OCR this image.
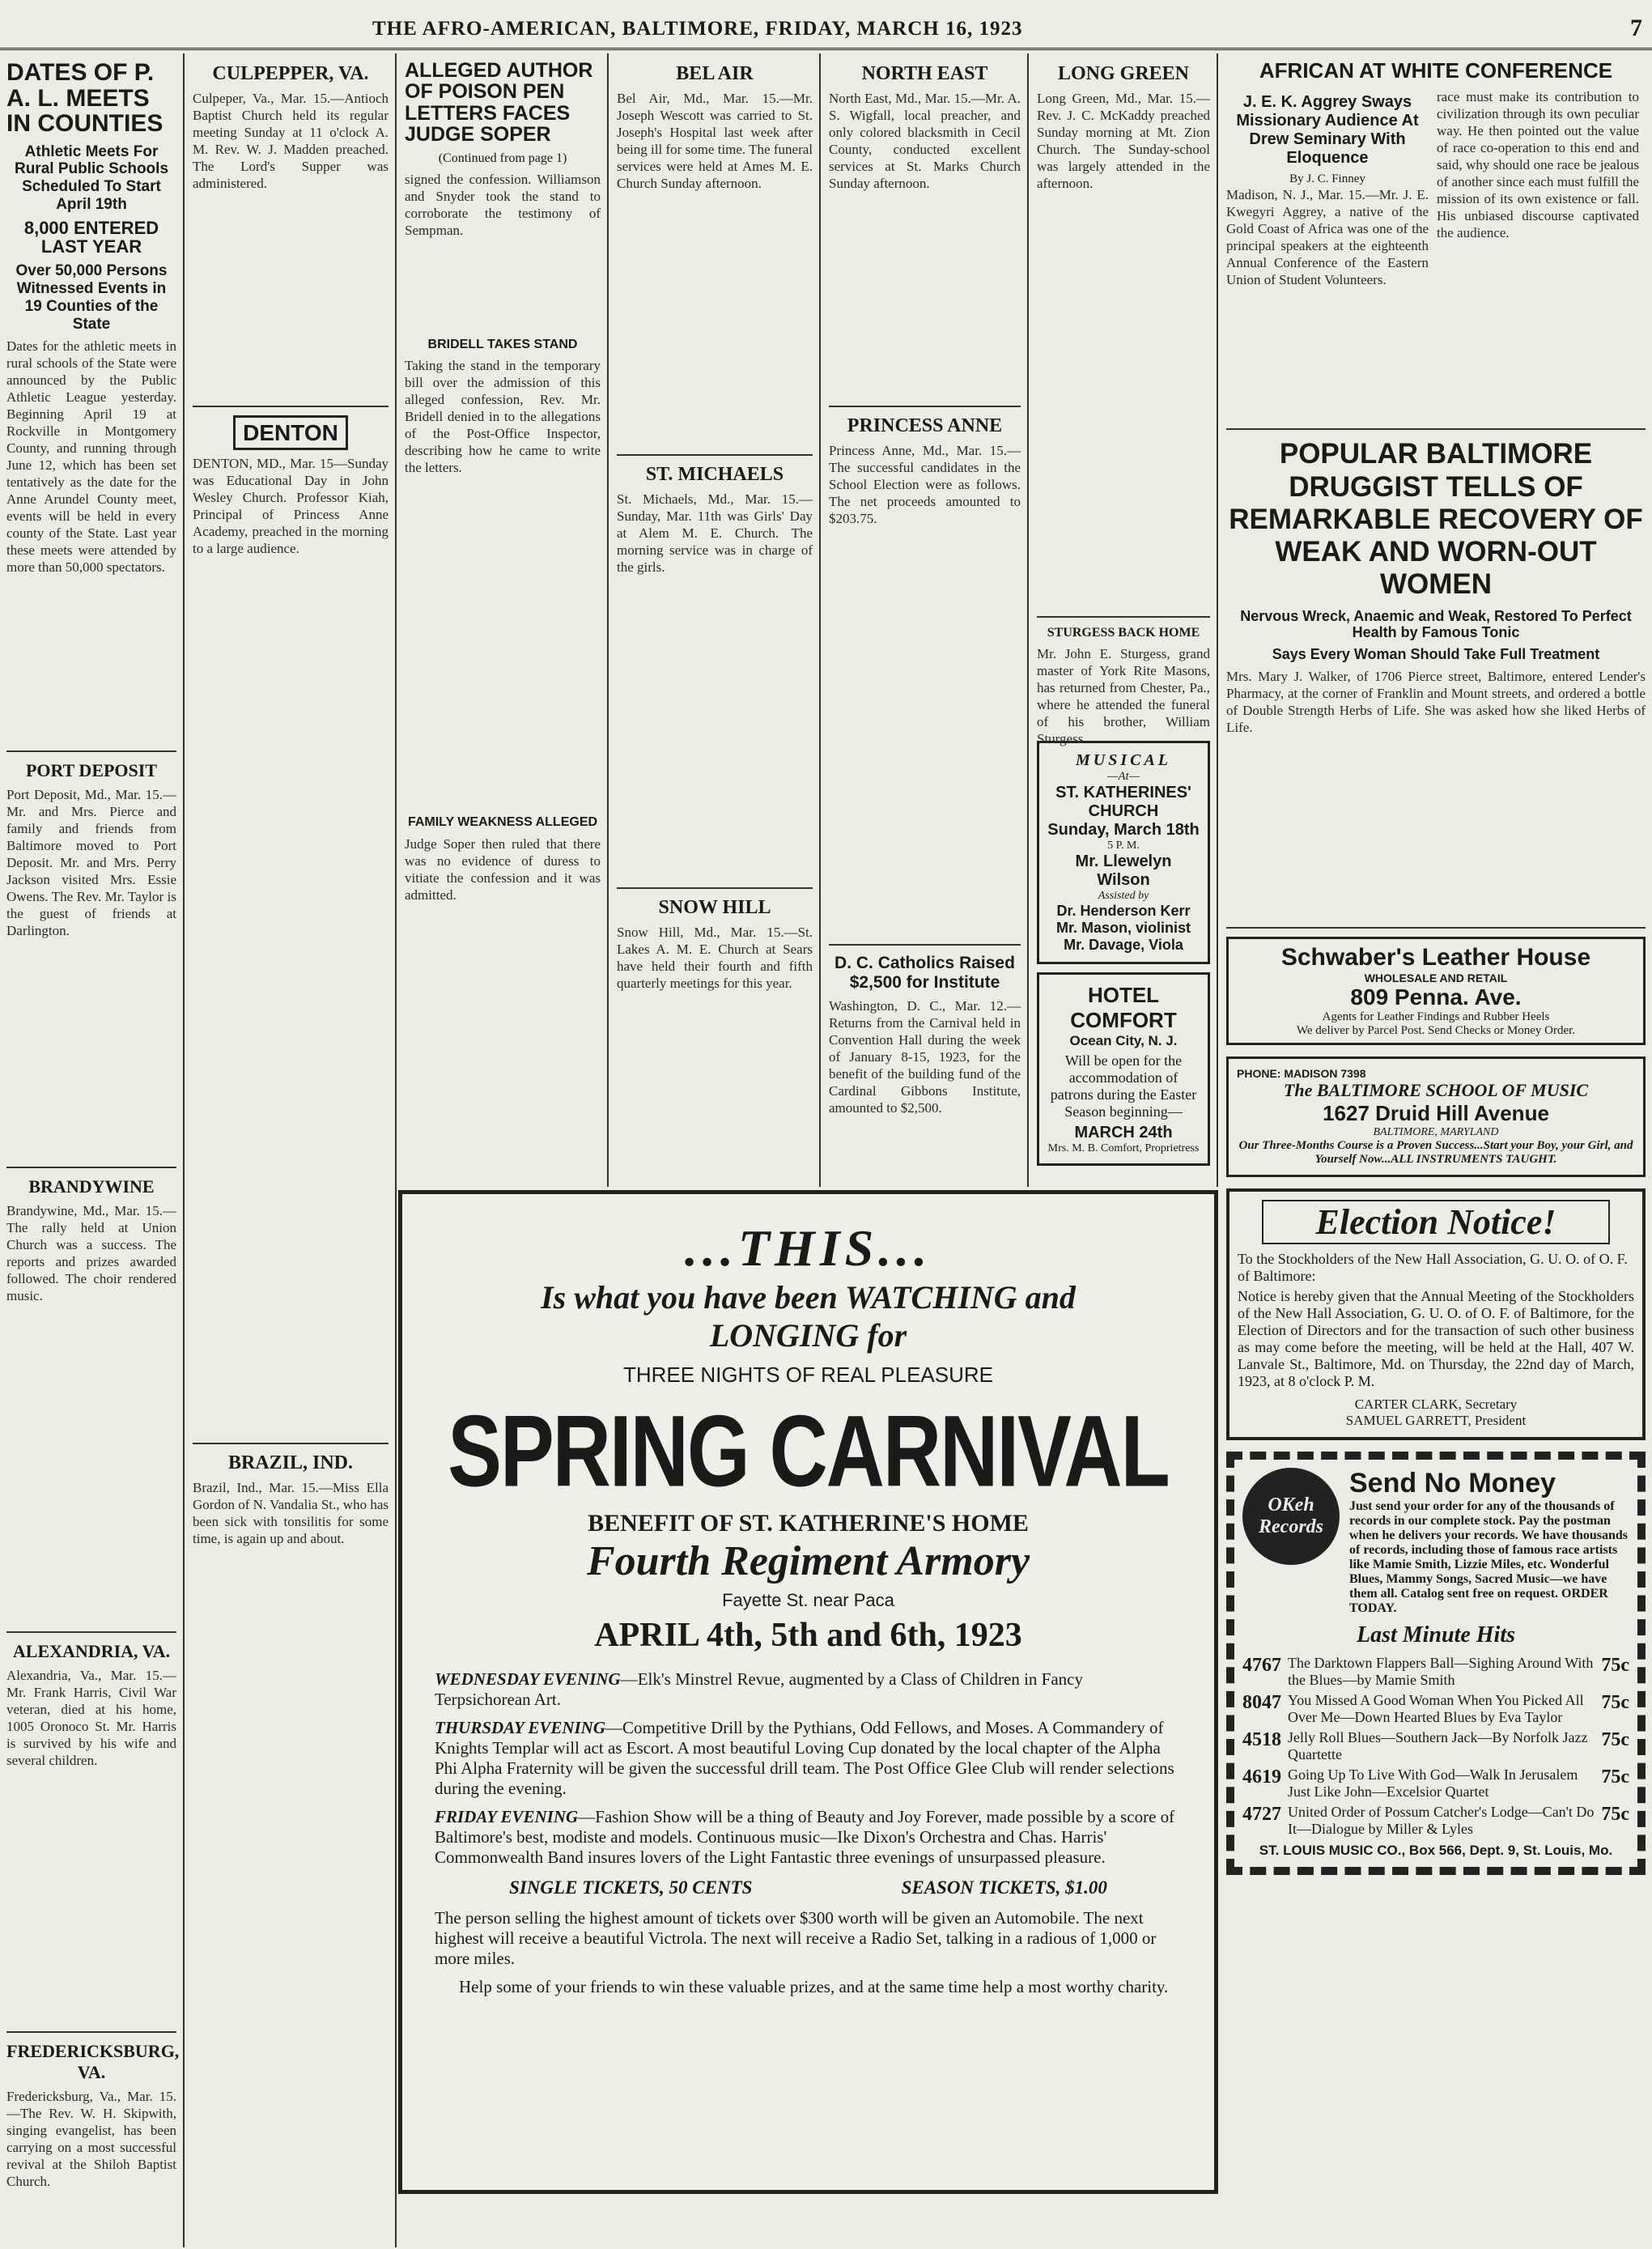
THE AFRO-AMERICAN, BALTIMORE, FRIDAY, MARCH 16, 1923	7
DATES OF P. A. L. MEETS IN COUNTIES
Athletic Meets For Rural Public Schools Scheduled To Start April 19th
8,000 ENTERED LAST YEAR
Over 50,000 Persons Witnessed Events in 19 Counties of the State
Dates for the athletic meets in rural schools of the State were announced by the Public Athletic League yesterday. Beginning April 19 at Rockville in Montgomery County, and running through June 12, which has been set tentatively as the date for the Anne Arundel County meet, events will be held in every county of the State. Last year these meets were attended by more than 50,000 spectators.
PORT DEPOSIT
Port Deposit, Md., Mar. 15.—Mr. and Mrs. Pierce and family and friends from Baltimore moved to Port Deposit. Mr. and Mrs. Perry Jackson visited Mrs. Essie Owens. The Rev. Mr. Taylor is the guest of friends at Darlington.
BRANDYWINE
Brandywine, Md., Mar. 15.—The rally held at Union Church was a success. The reports and prizes awarded followed. The choir rendered music.
ALEXANDRIA, VA.
Alexandria, Va., Mar. 15.—Mr. Frank Harris, Civil War veteran, died at his home, 1005 Oronoco St. Mr. Harris is survived by his wife and several children.
FREDERICKSBURG, VA.
Fredericksburg, Va., Mar. 15.—The Rev. W. H. Skipwith, singing evangelist, has been carrying on a most successful revival at the Shiloh Baptist Church.
CULPEPPER, VA.
Culpeper, Va., Mar. 15.—Antioch Baptist Church held its regular meeting Sunday at 11 o'clock A. M. Rev. W. J. Madden preached. The Lord's Supper was administered.
DENTON
DENTON, MD., Mar. 15—Sunday was Educational Day in John Wesley Church. Professor Kiah, Principal of Princess Anne Academy, preached in the morning to a large audience.
BRAZIL, IND.
Brazil, Ind., Mar. 15.—Miss Ella Gordon of N. Vandalia St., who has been sick with tonsilitis for some time, is again up and about.
ALLEGED AUTHOR OF POISON PEN LETTERS FACES JUDGE SOPER
(Continued from page 1)
signed the confession. Williamson and Snyder took the stand to corroborate the testimony of Sempman.
BRIDELL TAKES STAND
Taking the stand in the temporary bill over the admission of this alleged confession, Rev. Mr. Bridell denied in to the allegations of the Post-Office Inspector, describing how he came to write the letters.
FAMILY WEAKNESS ALLEGED
Judge Soper then ruled that there was no evidence of duress to vitiate the confession and it was admitted.
BEL AIR
Bel Air, Md., Mar. 15.—Mr. Joseph Wescott was carried to St. Joseph's Hospital last week after being ill for some time. The funeral services were held at Ames M. E. Church Sunday afternoon.
ST. MICHAELS
St. Michaels, Md., Mar. 15.—Sunday, Mar. 11th was Girls' Day at Alem M. E. Church. The morning service was in charge of the girls.
SNOW HILL
Snow Hill, Md., Mar. 15.—St. Lakes A. M. E. Church at Sears have held their fourth and fifth quarterly meetings for this year.
NORTH EAST
North East, Md., Mar. 15.—Mr. A. S. Wigfall, local preacher, and only colored blacksmith in Cecil County, conducted excellent services at St. Marks Church Sunday afternoon.
PRINCESS ANNE
Princess Anne, Md., Mar. 15.—The successful candidates in the School Election were as follows. The net proceeds amounted to $203.75.
D. C. Catholics Raised $2,500 for Institute
Washington, D. C., Mar. 12.—Returns from the Carnival held in Convention Hall during the week of January 8-15, 1923, for the benefit of the building fund of the Cardinal Gibbons Institute, amounted to $2,500.
LONG GREEN
Long Green, Md., Mar. 15.—Rev. J. C. McKaddy preached Sunday morning at Mt. Zion Church. The Sunday-school was largely attended in the afternoon.
STURGESS BACK HOME
Mr. John E. Sturgess, grand master of York Rite Masons, has returned from Chester, Pa., where he attended the funeral of his brother, William Sturgess.
MUSICAL
—At—
ST. KATHERINES' CHURCH
Sunday, March 18th
5 P. M.
Mr. Llewelyn Wilson
Assisted by
Dr. Henderson Kerr
Mr. Mason, violinist
Mr. Davage, Viola
HOTEL COMFORT
Ocean City, N. J.
Will be open for the accommodation of patrons during the Easter Season beginning—
MARCH 24th
Mrs. M. B. Comfort, Proprietress
AFRICAN AT WHITE CONFERENCE
J. E. K. Aggrey Sways Missionary Audience At Drew Seminary With Eloquence
By J. C. Finney
Madison, N. J., Mar. 15.—Mr. J. E. Kwegyri Aggrey, a native of the Gold Coast of Africa was one of the principal speakers at the eighteenth Annual Conference of the Eastern Union of Student Volunteers.
race must make its contribution to civilization through its own peculiar way. He then pointed out the value of race co-operation to this end and said, why should one race be jealous of another since each must fulfill the mission of its own existence or fall. His unbiased discourse captivated the audience.
POPULAR BALTIMORE DRUGGIST TELLS OF REMARKABLE RECOVERY OF WEAK AND WORN-OUT WOMEN
Nervous Wreck, Anaemic and Weak, Restored To Perfect Health by Famous Tonic
Says Every Woman Should Take Full Treatment
Mrs. Mary J. Walker, of 1706 Pierce street, Baltimore, entered Lender's Pharmacy, at the corner of Franklin and Mount streets, and ordered a bottle of Double Strength Herbs of Life. She was asked how she liked Herbs of Life.
Schwaber's Leather House
WHOLESALE AND RETAIL
809 Penna. Ave.
Agents for Leather Findings and Rubber Heels
We deliver by Parcel Post. Send Checks or Money Order.
PHONE: MADISON 7398
The BALTIMORE SCHOOL OF MUSIC
1627 Druid Hill Avenue
BALTIMORE, MARYLAND
Our Three-Months Course is a Proven Success...Start your Boy, your Girl, and Yourself Now...ALL INSTRUMENTS TAUGHT.
Election Notice!
To the Stockholders of the New Hall Association, G. U. O. of O. F. of Baltimore:
Notice is hereby given that the Annual Meeting of the Stockholders of the New Hall Association, G. U. O. of O. F. of Baltimore, for the Election of Directors and for the transaction of such other business as may come before the meeting, will be held at the Hall, 407 W. Lanvale St., Baltimore, Md. on Thursday, the 22nd day of March, 1923, at 8 o'clock P. M.
CARTER CLARK, Secretary
SAMUEL GARRETT, President
OKeh Records
Send No Money
Just send your order for any of the thousands of records in our complete stock. Pay the postman when he delivers your records. We have thousands of records, including those of famous race artists like Mamie Smith, Lizzie Miles, etc. Wonderful Blues, Mammy Songs, Sacred Music—we have them all. Catalog sent free on request. ORDER TODAY.
Last Minute Hits
4767 The Darktown Flappers Ball—Sighing Around With the Blues—by Mamie Smith
75c
8047 You Missed A Good Woman When You Picked All Over Me—Down Hearted Blues by Eva Taylor
75c
4518 Jelly Roll Blues—Southern Jack—By Norfolk Jazz Quartette
75c
4619 Going Up To Live With God—Walk In Jerusalem Just Like John—Excelsior Quartet
75c
4727 United Order of Possum Catcher's Lodge—Can't Do It—Dialogue by Miller & Lyles
75c
ST. LOUIS MUSIC CO., Box 566, Dept. 9, St. Louis, Mo.
...THIS...
Is what you have been WATCHING and
LONGING for
THREE NIGHTS OF REAL PLEASURE
SPRING CARNIVAL
BENEFIT OF ST. KATHERINE'S HOME
Fourth Regiment Armory
Fayette St. near Paca
APRIL 4th, 5th and 6th, 1923
WEDNESDAY EVENING—Elk's Minstrel Revue, augmented by a Class of Children in Fancy Terpsichorean Art.
THURSDAY EVENING—Competitive Drill by the Pythians, Odd Fellows, and Moses. A Commandery of Knights Templar will act as Escort. A most beautiful Loving Cup donated by the local chapter of the Alpha Phi Alpha Fraternity will be given the successful drill team. The Post Office Glee Club will render selections during the evening.
FRIDAY EVENING—Fashion Show will be a thing of Beauty and Joy Forever, made possible by a score of Baltimore's best, modiste and models. Continuous music—Ike Dixon's Orchestra and Chas. Harris' Commonwealth Band insures lovers of the Light Fantastic three evenings of unsurpassed pleasure.
SINGLE TICKETS, 50 CENTS	SEASON TICKETS, $1.00
The person selling the highest amount of tickets over $300 worth will be given an Automobile. The next highest will receive a beautiful Victrola. The next will receive a Radio Set, talking in a radious of 1,000 or more miles.
Help some of your friends to win these valuable prizes, and at the same time help a most worthy charity.
